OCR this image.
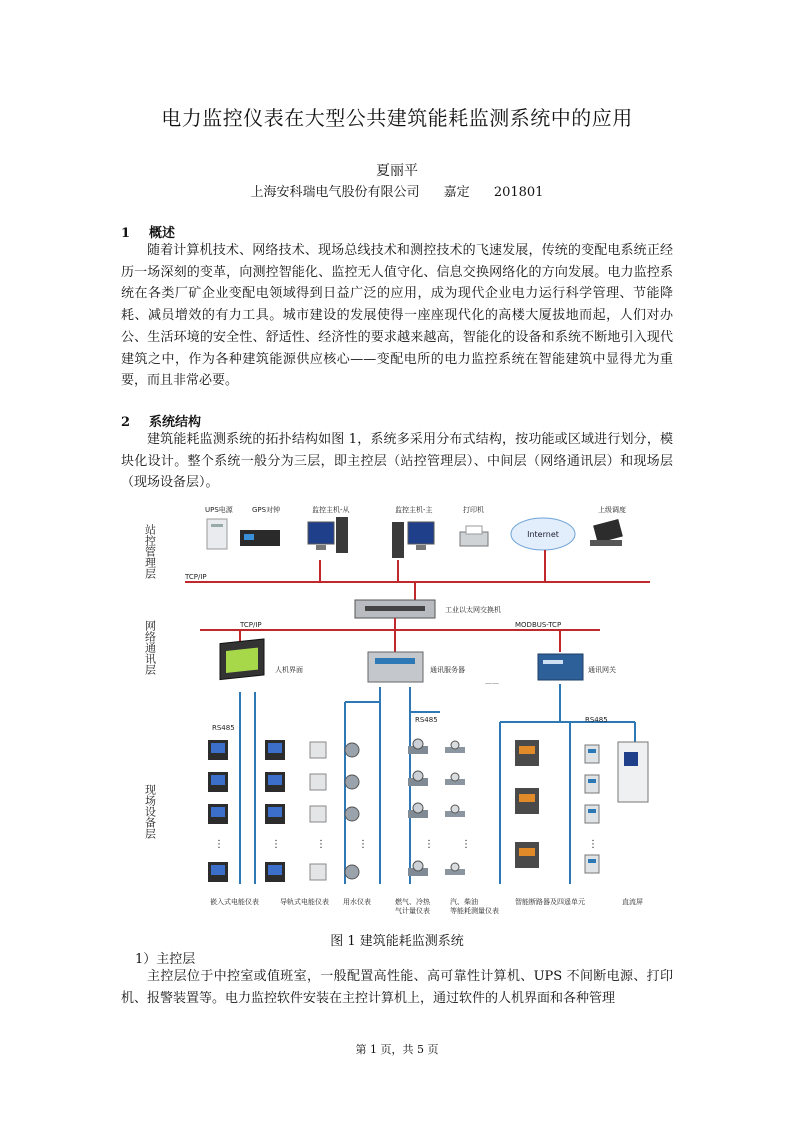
电力监控仪表在大型公共建筑能耗监测系统中的应用
夏丽平
上海安科瑞电气股份有限公司 嘉定 201801
1 概述

随着计算机技术、网络技术、现场总线技术和测控技术的飞速发展，传统的变配电系统正经历一场深刻的变革，向测控智能化、监控无人值守化、信息交换网络化的方向发展。电力监控系统在各类厂矿企业变配电领域得到日益广泛的应用，成为现代企业电力运行科学管理、节能降耗、减员增效的有力工具。城市建设的发展使得一座座现代化的高楼大厦拔地而起，人们对办公、生活环境的安全性、舒适性、经济性的要求越来越高，智能化的设备和系统不断地引入现代建筑之中，作为各种建筑能源供应核心——变配电所的电力监控系统在智能建筑中显得尤为重要，而且非常必要。

2 系统结构

建筑能耗监测系统的拓扑结构如图 1，系统多采用分布式结构，按功能或区域进行划分，模块化设计。整个系统一般分为三层，即主控层（站控管理层）、中间层（网络通讯层）和现场层（现场设备层）。

站控管理层
网络通讯层
现场设备层
Internet
UPS电源	GPS对钟	监控主机-从	监控主机-主	打印机	上级调度
TCP/IP
工业以太网交换机
TCP/IP	MODBUS-TCP
人机界面	通讯服务器	通讯网关
——
RS485
RS485	RS485
⋮	⋮	⋮	⋮	⋮	⋮	⋮
嵌入式电能仪表	导轨式电能仪表 用水仪表	燃气、冷热气计量仪表
汽、柴油等能耗测量仪表
智能断路器及四遥单元	直流屏
图 1 建筑能耗监测系统
1）主控层

主控层位于中控室或值班室，一般配置高性能、高可靠性计算机、UPS 不间断电源、打印机、报警装置等。电力监控软件安装在主控计算机上，通过软件的人机界面和各种管理

第 1 页，共 5 页
